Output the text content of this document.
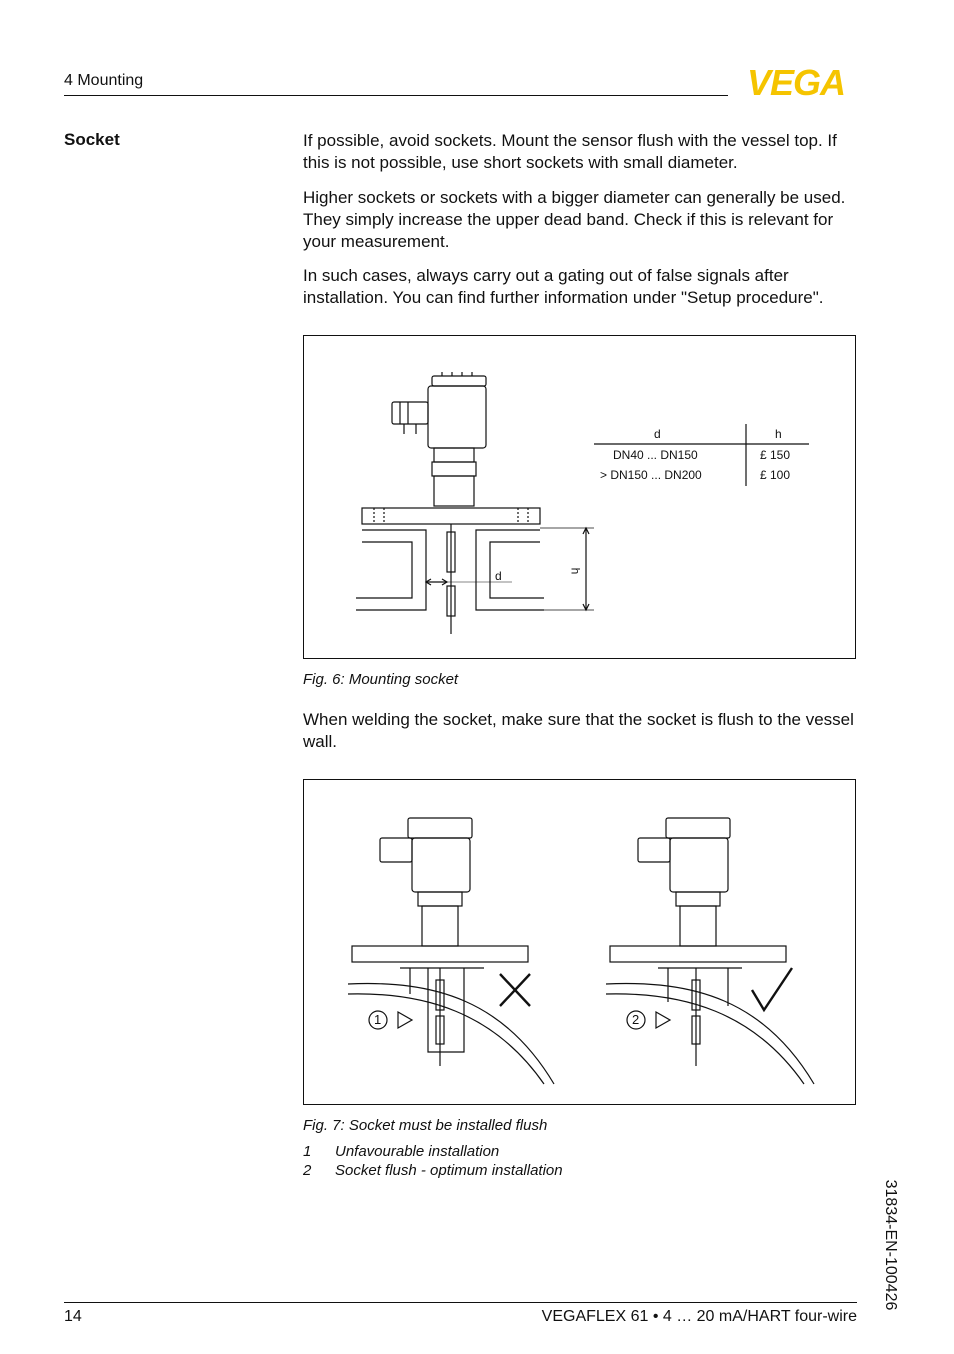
4 Mounting	VEGA
Socket	If possible, avoid sockets. Mount the sensor flush with the vessel top. If this is not possible, use short sockets with small diameter.

Higher sockets or sockets with a bigger diameter can generally be used. They simply increase the upper dead band. Check if this is relevant for your measurement.

In such cases, always carry out a gating out of false signals after installation. You can find further information under "Setup procedure".

d	h
DN40 ... DN150	£ 150
> DN150 ... DN200	£ 100
d	h
Fig. 6: Mounting socket

When welding the socket, make sure that the socket is flush to the vessel wall.

1	2
Fig. 7: Socket must be installed flush
1 Unfavourable installation
2 Socket flush - optimum installation
31834-EN-100426
14	VEGAFLEX 61 • 4 … 20 mA/HART four-wire
